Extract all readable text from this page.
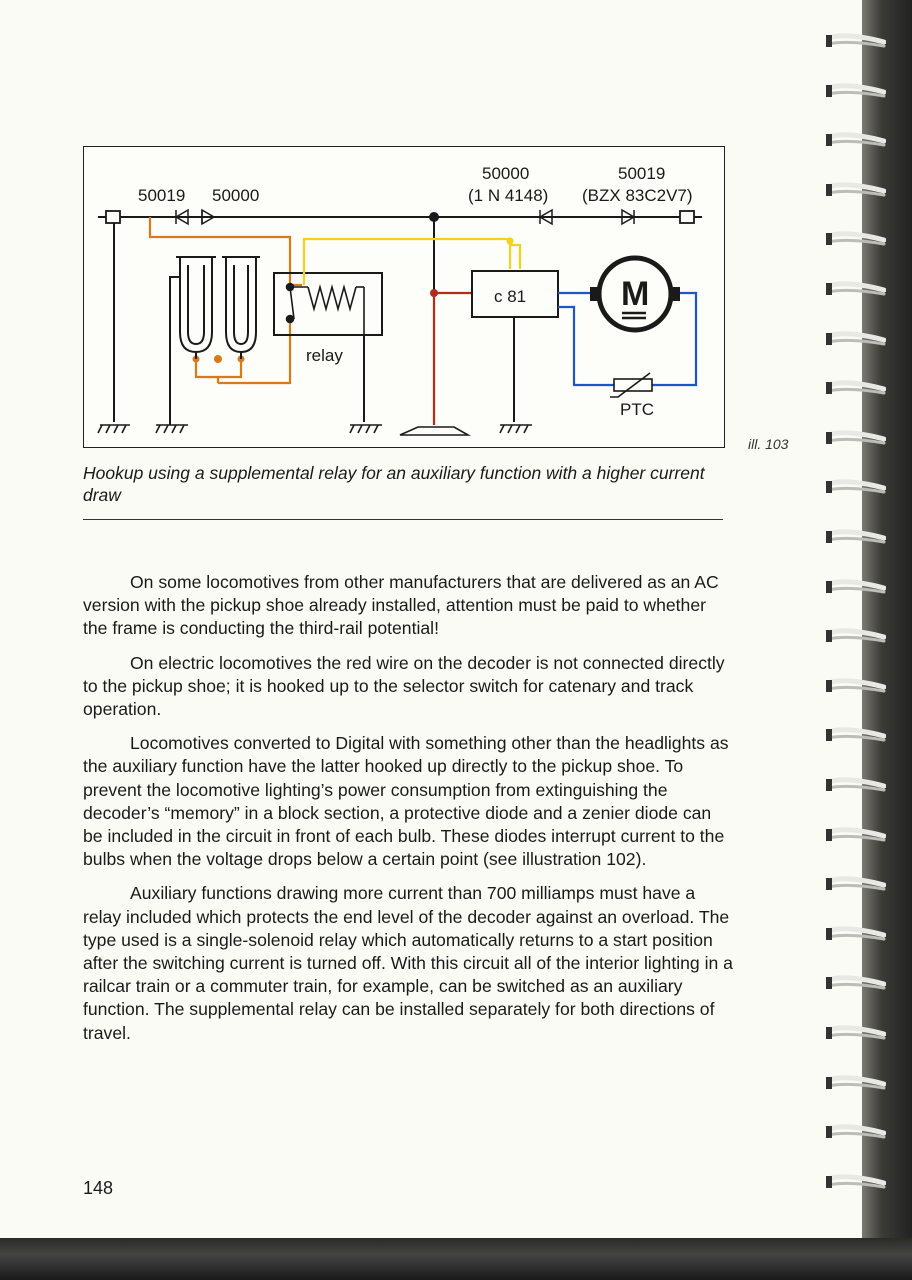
50019 50000
50000
(1 N 4148)
50019
(BZX 83C2V7)
relay
c 81	M
PTC
ill. 103
Hookup using a supplemental relay for an auxiliary function with a higher current draw

On some locomotives from other manufacturers that are delivered as an AC version with the pickup shoe already installed, attention must be paid to whether the frame is conducting the third-rail potential!

On electric locomotives the red wire on the decoder is not connected directly to the pickup shoe; it is hooked up to the selector switch for catenary and track operation.

Locomotives converted to Digital with something other than the headlights as the auxiliary function have the latter hooked up directly to the pickup shoe. To prevent the locomotive lighting’s power consumption from extinguishing the decoder’s “memory” in a block section, a protective diode and a zenier diode can be included in the circuit in front of each bulb. These diodes interrupt current to the bulbs when the voltage drops below a certain point (see illustration 102).

Auxiliary functions drawing more current than 700 milliamps must have a relay included which protects the end level of the decoder against an overload. The type used is a single-solenoid relay which automatically returns to a start position after the switching current is turned off. With this circuit all of the interior lighting in a railcar train or a commuter train, for example, can be switched as an auxiliary function. The supplemental relay can be installed separately for both directions of travel.

148
